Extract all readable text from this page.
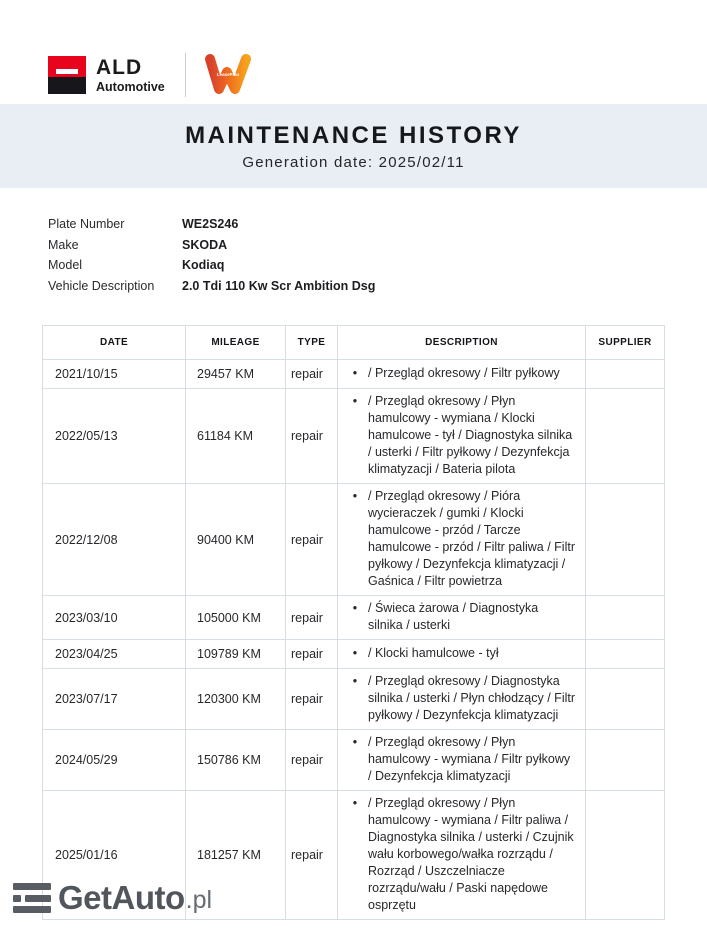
ALD
Automotive
LeasePlan
MAINTENANCE HISTORY
Generation date: 2025/02/11
Plate Number	WE2S246
Make	SKODA
Model	Kodiaq
Vehicle Description	2.0 Tdi 110 Kw Scr Ambition Dsg
DATE	MILEAGE	TYPE	DESCRIPTION	SUPPLIER
2021/10/15	29457 KM	repair	• / Przegląd okresowy / Filtr pyłkowy	

2022/05/13	61184 KM	repair	• / Przegląd okresowy / Płyn hamulcowy - wymiana / Klocki hamulcowe - tył / Diagnostyka silnika / usterki / Filtr pyłkowy / Dezynfekcja klimatyzacji / Bateria pilota	

2022/12/08	90400 KM	repair	• / Przegląd okresowy / Pióra wycieraczek / gumki / Klocki hamulcowe - przód / Tarcze hamulcowe - przód / Filtr paliwa / Filtr pyłkowy / Dezynfekcja klimatyzacji / Gaśnica / Filtr powietrza	

2023/03/10	105000 KM	repair	• / Świeca żarowa / Diagnostyka silnika / usterki	

2023/04/25	109789 KM	repair	• / Klocki hamulcowe - tył	

2023/07/17	120300 KM	repair	• / Przegląd okresowy / Diagnostyka silnika / usterki / Płyn chłodzący / Filtr pyłkowy / Dezynfekcja klimatyzacji	

2024/05/29	150786 KM	repair	• / Przegląd okresowy / Płyn hamulcowy - wymiana / Filtr pyłkowy / Dezynfekcja klimatyzacji	

2025/01/16	181257 KM	repair	• / Przegląd okresowy / Płyn hamulcowy - wymiana / Filtr paliwa / Diagnostyka silnika / usterki / Czujnik wału korbowego/wałka rozrządu / Rozrząd / Uszczelniacze rozrządu/wału / Paski napędowe osprzętu	

GetAuto .pl
